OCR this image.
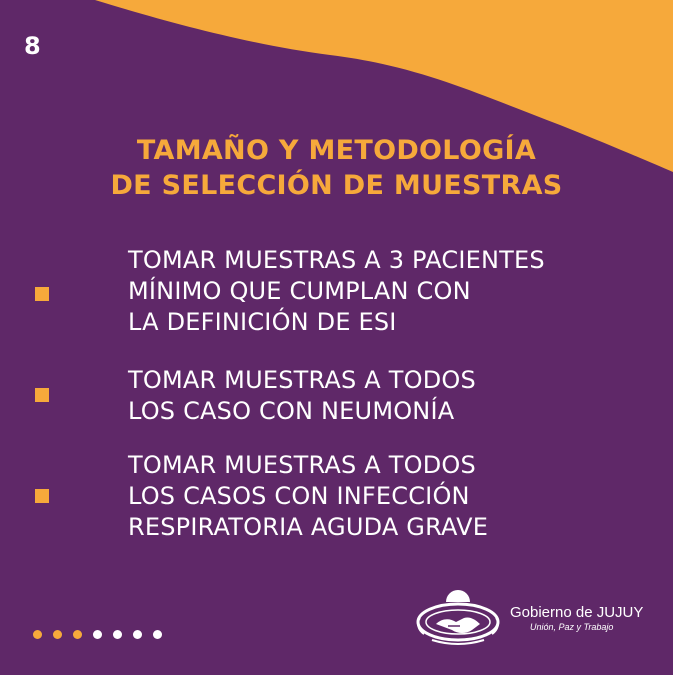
8
TAMAÑO Y METODOLOGÍA
DE SELECCIÓN DE MUESTRAS
TOMAR MUESTRAS A 3 PACIENTES
MÍNIMO QUE CUMPLAN CON
LA DEFINICIÓN DE ESI
TOMAR MUESTRAS A TODOS
LOS CASO CON NEUMONÍA
TOMAR MUESTRAS A TODOS
LOS CASOS CON INFECCIÓN
RESPIRATORIA AGUDA GRAVE
Gobierno de JUJUY
Unión, Paz y Trabajo
